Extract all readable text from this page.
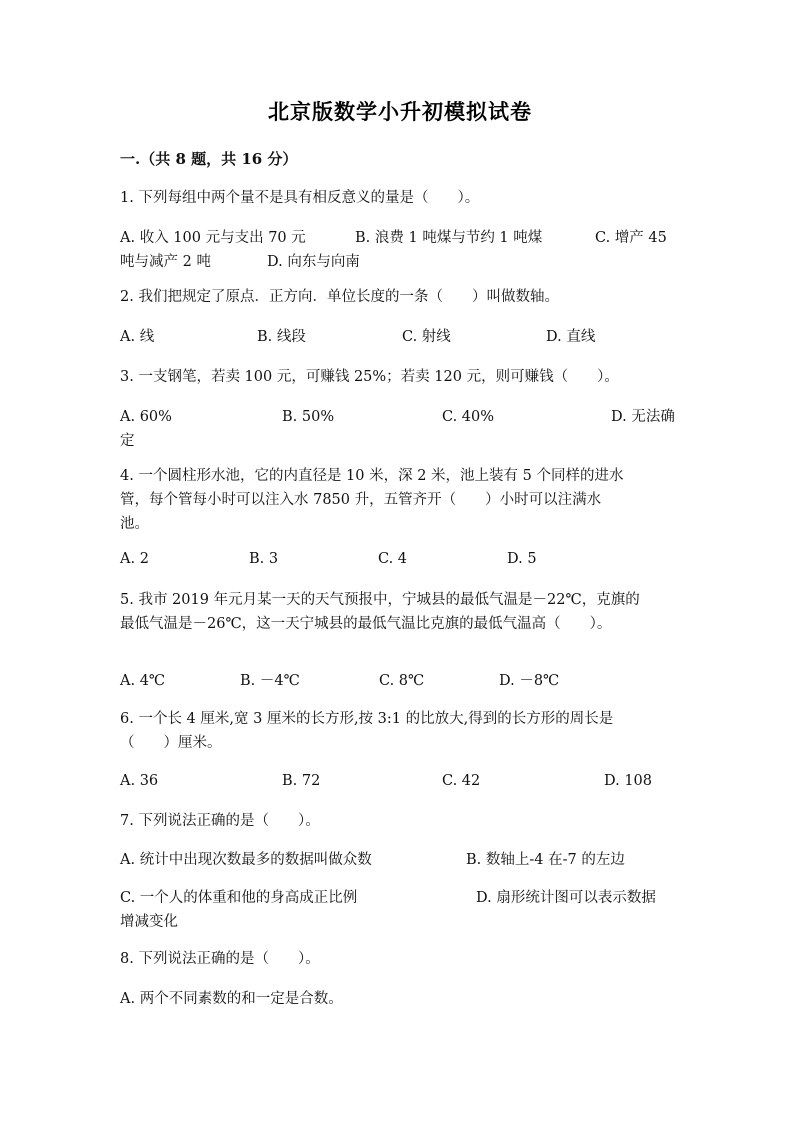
北京版数学小升初模拟试卷
一.（共 8 题，共 16 分）
1. 下列每组中两个量不是具有相反意义的量是（　　）。
A. 收入 100 元与支出 70 元	B. 浪费 1 吨煤与节约 1 吨煤	C. 增产 45
吨与减产 2 吨	D. 向东与向南
2. 我们把规定了原点．正方向．单位长度的一条（　　）叫做数轴。
A. 线	B. 线段	C. 射线	D. 直线
3. 一支钢笔，若卖 100 元，可赚钱 25%；若卖 120 元，则可赚钱（　　）。
A. 60%	B. 50%	C. 40%	D. 无法确
定
4. 一个圆柱形水池，它的内直径是 10 米，深 2 米，池上装有 5 个同样的进水
管，每个管每小时可以注入水 7850 升，五管齐开（　　）小时可以注满水
池。
A. 2	B. 3	C. 4	D. 5
5. 我市 2019 年元月某一天的天气预报中，宁城县的最低气温是－22℃，克旗的
最低气温是－26℃，这一天宁城县的最低气温比克旗的最低气温高（　　）。
A. 4℃	B. －4℃	C. 8℃	D. －8℃
6. 一个长 4 厘米,宽 3 厘米的长方形,按 3:1 的比放大,得到的长方形的周长是
（　　）厘米。
A. 36	B. 72	C. 42	D. 108
7. 下列说法正确的是（　　）。
A. 统计中出现次数最多的数据叫做众数	B. 数轴上-4 在-7 的左边
C. 一个人的体重和他的身高成正比例	D. 扇形统计图可以表示数据
增减变化
8. 下列说法正确的是（　　）。
A. 两个不同素数的和一定是合数。
